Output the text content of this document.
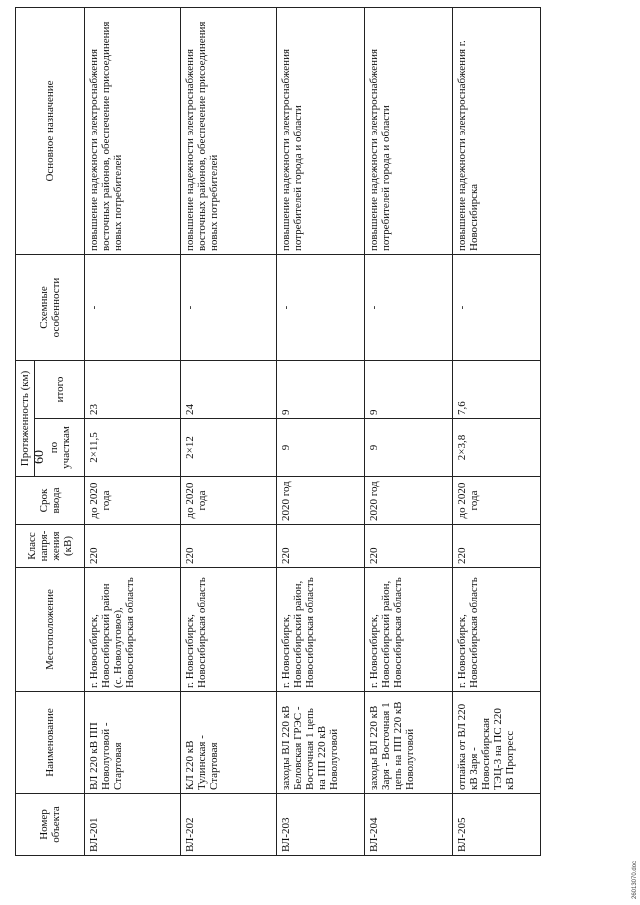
60
Номер объекта	Наименование	Местоположение	Класс напря-жения (кВ)	Срок ввода	Протяженность (км)		Схемные особенности	Основное назначение
					по участкам	итого		
ВЛ-201	ВЛ 220 кВ ПП Новолуговой - Стартовая	г. Новосибирск, Новосибирский район (с. Новолуговое), Новосибирская область	220	до 2020 года	2×11,5	23	-	повышение надежности электроснабжения восточных районов, обеспечение присоединения новых потребителей
ВЛ-202	КЛ 220 кВ Тулинская - Стартовая	г. Новосибирск, Новосибирская область	220	до 2020 года	2×12	24	-	повышение надежности электроснабжения восточных районов, обеспечение присоединения новых потребителей
ВЛ-203	заходы ВЛ 220 кВ Беловская ГРЭС - Восточная 1 цепь на ПП 220 кВ Новолуговой	г. Новосибирск, Новосибирский район, Новосибирская область	220	2020 год	9	9	-	повышение надежности электроснабжения потребителей города и области
ВЛ-204	заходы ВЛ 220 кВ Заря - Восточная 1 цепь на ПП 220 кВ Новолуговой	г. Новосибирск, Новосибирский район, Новосибирская область	220	2020 год	9	9	-	повышение надежности электроснабжения потребителей города и области
ВЛ-205	отпайка от ВЛ 220 кВ Заря - Новосибирская ТЭЦ-3 на ПС 220 кВ Прогресс	г. Новосибирск, Новосибирская область	220	до 2020 года	2×3,8	7,6	-	повышение надежности электроснабжения г. Новосибирска
26013070.doc
